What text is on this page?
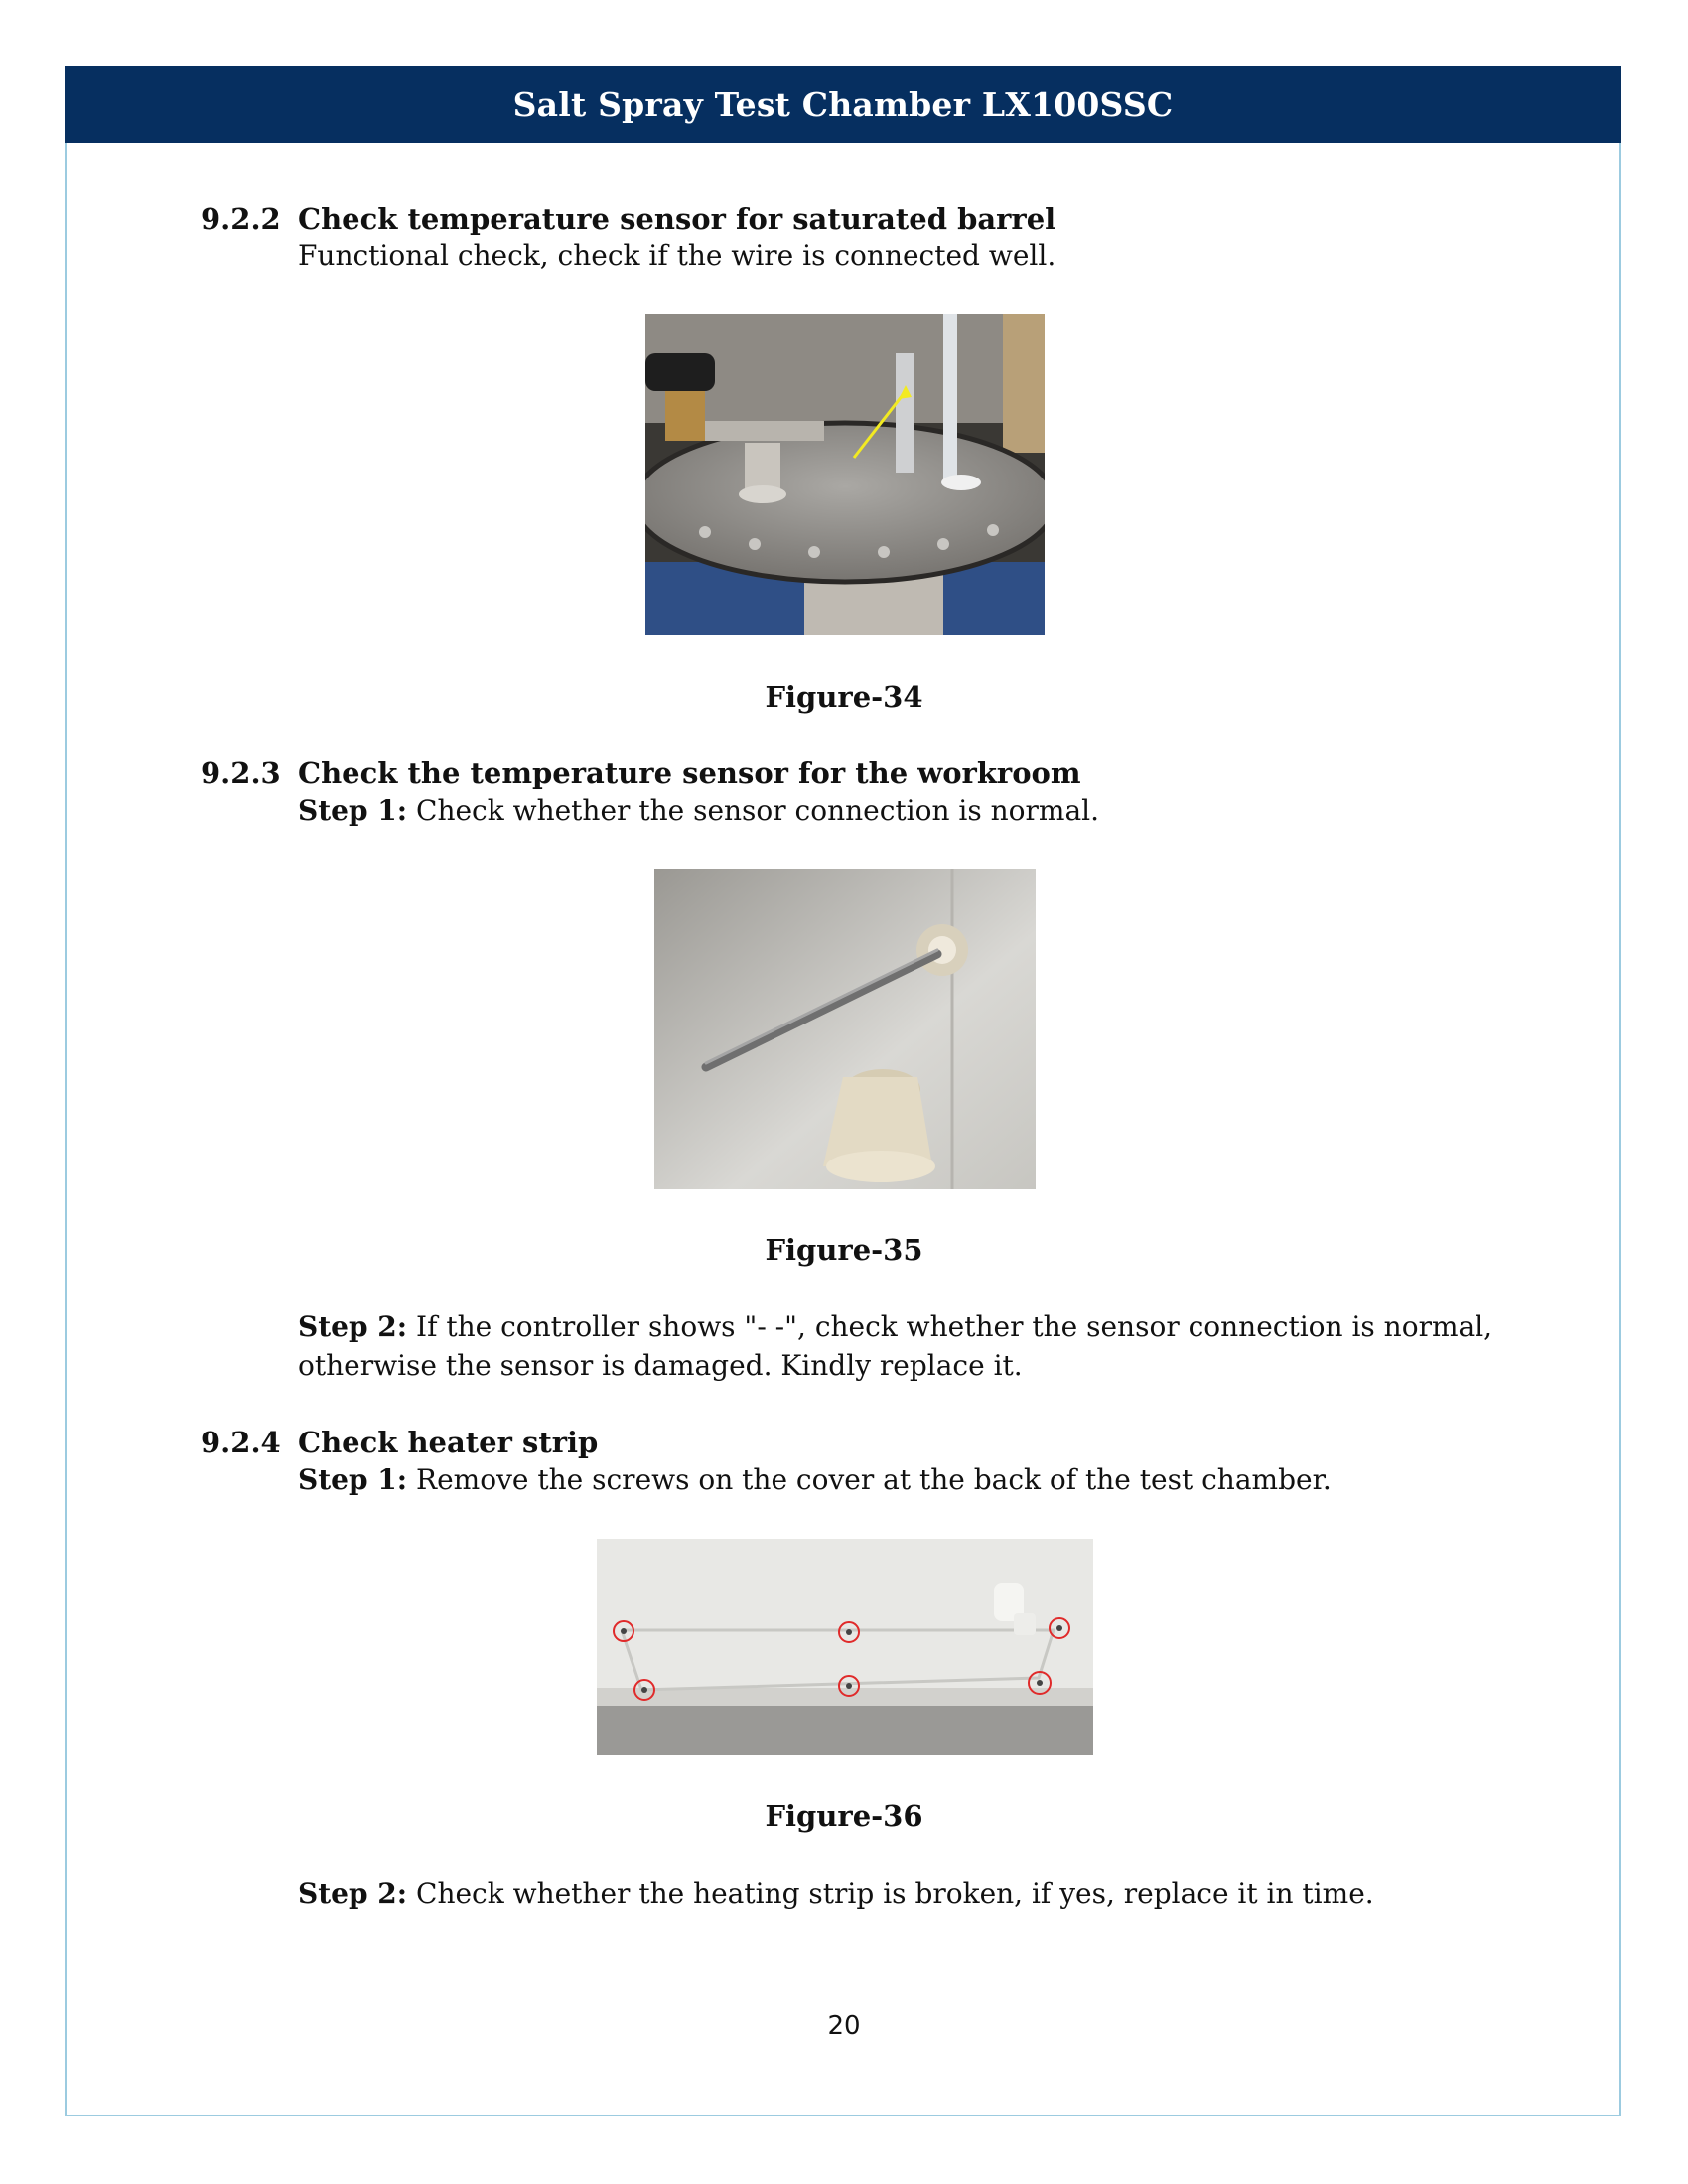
Salt Spray Test Chamber LX100SSC
9.2.2 Check temperature sensor for saturated barrel
Functional check, check if the wire is connected well.
Figure-34
9.2.3 Check the temperature sensor for the workroom
Step 1: Check whether the sensor connection is normal.
Figure-35
Step 2: If the controller shows "- -", check whether the sensor connection is normal,
otherwise the sensor is damaged. Kindly replace it.
9.2.4 Check heater strip
Step 1: Remove the screws on the cover at the back of the test chamber.
Figure-36
Step 2: Check whether the heating strip is broken, if yes, replace it in time.
20
